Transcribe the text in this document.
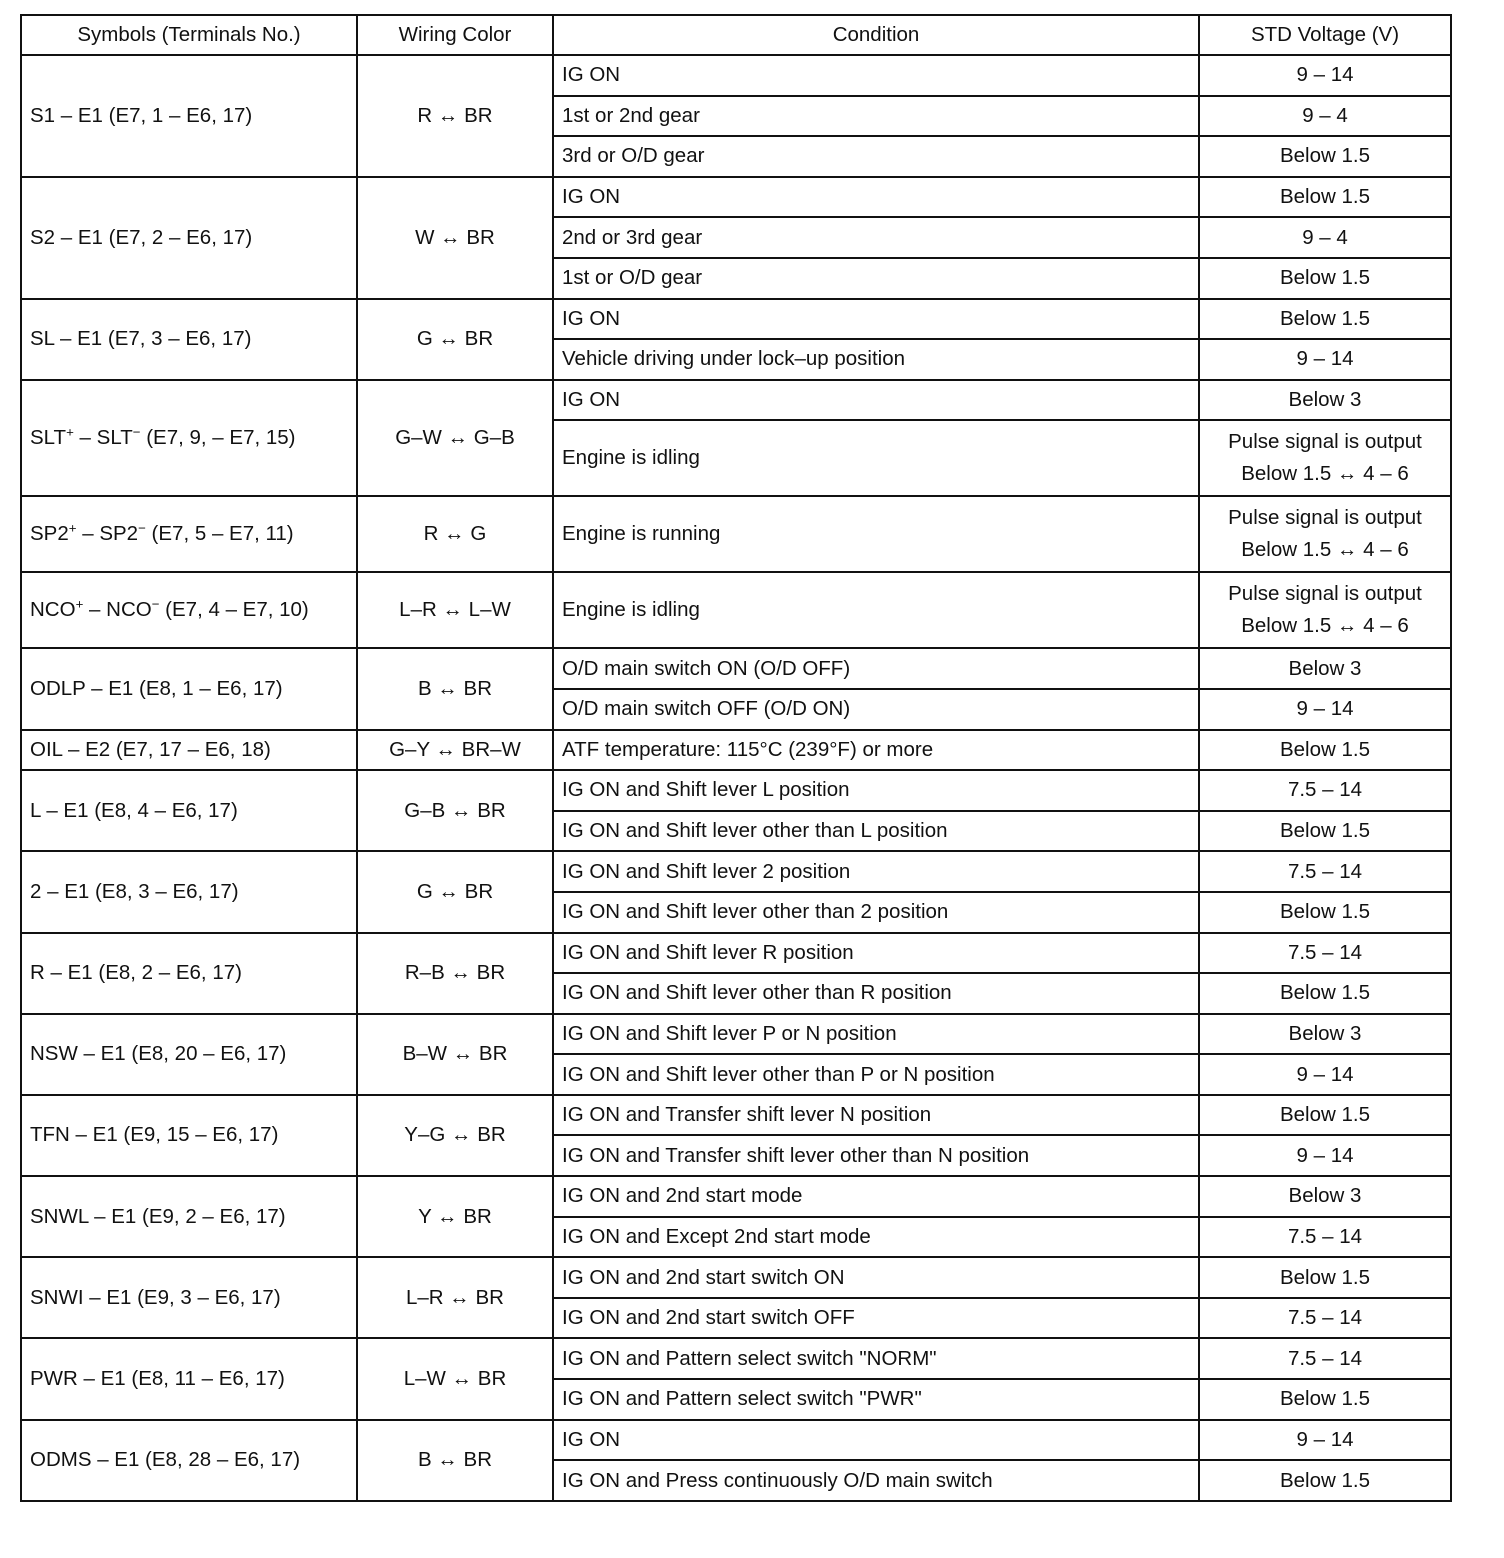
Symbols (Terminals No.)	Wiring Color	Condition	STD Voltage (V)
S1 – E1 (E7, 1 – E6, 17)	R ↔ BR	IG ON	9 – 14

		1st or 2nd gear	9 – 4

		3rd or O/D gear	Below 1.5

S2 – E1 (E7, 2 – E6, 17)	W ↔ BR	IG ON	Below 1.5

		2nd or 3rd gear	9 – 4

		1st or O/D gear	Below 1.5

SL – E1 (E7, 3 – E6, 17)	G ↔ BR	IG ON	Below 1.5

		Vehicle driving under lock–up position	9 – 14

SLT+ – SLT− (E7, 9, – E7, 15)	G–W ↔ G–B	IG ON	Below 3

		Engine is idling	Pulse signal is output
Below 1.5 ↔ 4 – 6

SP2+ – SP2− (E7, 5 – E7, 11)	R ↔ G	Engine is running	Pulse signal is output
Below 1.5 ↔ 4 – 6

NCO+ – NCO− (E7, 4 – E7, 10)	L–R ↔ L–W	Engine is idling	Pulse signal is output
Below 1.5 ↔ 4 – 6

ODLP – E1 (E8, 1 – E6, 17)	B ↔ BR	O/D main switch ON (O/D OFF)	Below 3

		O/D main switch OFF (O/D ON)	9 – 14

OIL – E2 (E7, 17 – E6, 18)	G–Y ↔ BR–W	ATF temperature: 115°C (239°F) or more	Below 1.5

L – E1 (E8, 4 – E6, 17)	G–B ↔ BR	IG ON and Shift lever L position	7.5 – 14

		IG ON and Shift lever other than L position	Below 1.5

2 – E1 (E8, 3 – E6, 17)	G ↔ BR	IG ON and Shift lever 2 position	7.5 – 14

		IG ON and Shift lever other than 2 position	Below 1.5

R – E1 (E8, 2 – E6, 17)	R–B ↔ BR	IG ON and Shift lever R position	7.5 – 14

		IG ON and Shift lever other than R position	Below 1.5

NSW – E1 (E8, 20 – E6, 17)	B–W ↔ BR	IG ON and Shift lever P or N position	Below 3

		IG ON and Shift lever other than P or N position	9 – 14

TFN – E1 (E9, 15 – E6, 17)	Y–G ↔ BR	IG ON and Transfer shift lever N position	Below 1.5

		IG ON and Transfer shift lever other than N position	9 – 14

SNWL – E1 (E9, 2 – E6, 17)	Y ↔ BR	IG ON and 2nd start mode	Below 3

		IG ON and Except 2nd start mode	7.5 – 14

SNWI – E1 (E9, 3 – E6, 17)	L–R ↔ BR	IG ON and 2nd start switch ON	Below 1.5

		IG ON and 2nd start switch OFF	7.5 – 14

PWR – E1 (E8, 11 – E6, 17)	L–W ↔ BR	IG ON and Pattern select switch "NORM"	7.5 – 14

		IG ON and Pattern select switch "PWR"	Below 1.5

ODMS – E1 (E8, 28 – E6, 17)	B ↔ BR	IG ON	9 – 14

		IG ON and Press continuously O/D main switch	Below 1.5
